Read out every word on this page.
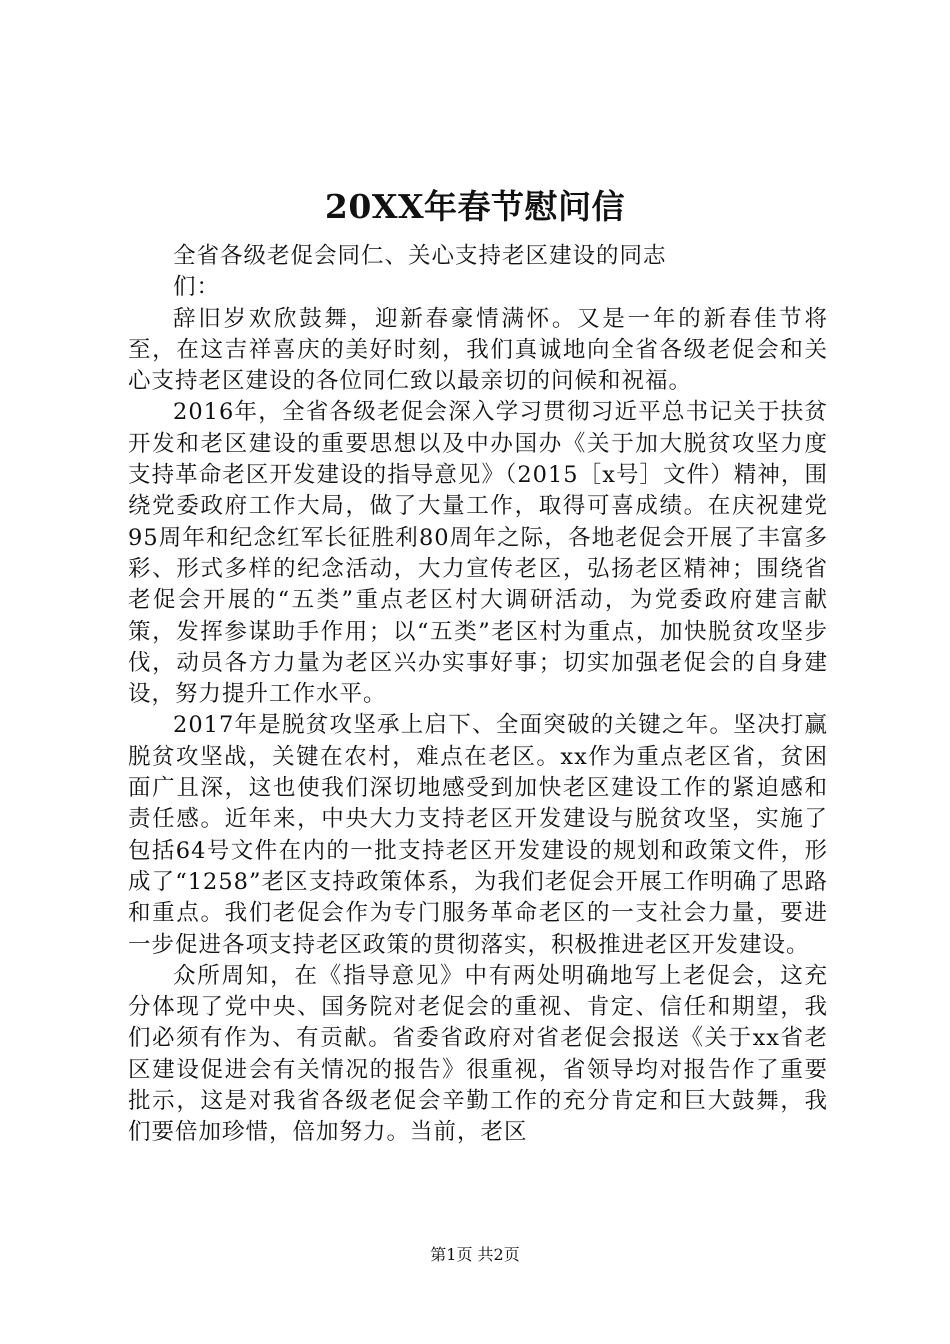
20XX年春节慰问信

全省各级老促会同仁、关心支持老区建设的同志们：

辞旧岁欢欣鼓舞，迎新春豪情满怀。又是一年的新春佳节将至，在这吉祥喜庆的美好时刻，我们真诚地向全省各级老促会和关心支持老区建设的各位同仁致以最亲切的问候和祝福。

2016年，全省各级老促会深入学习贯彻习近平总书记关于扶贫开发和老区建设的重要思想以及中办国办《关于加大脱贫攻坚力度支持革命老区开发建设的指导意见》（2015［x号］文件）精神，围绕党委政府工作大局，做了大量工作，取得可喜成绩。在庆祝建党95周年和纪念红军长征胜利80周年之际，各地老促会开展了丰富多彩、形式多样的纪念活动，大力宣传老区，弘扬老区精神；围绕省老促会开展的“五类”重点老区村大调研活动，为党委政府建言献策，发挥参谋助手作用；以“五类”老区村为重点，加快脱贫攻坚步伐，动员各方力量为老区兴办实事好事；切实加强老促会的自身建设，努力提升工作水平。

2017年是脱贫攻坚承上启下、全面突破的关键之年。坚决打赢脱贫攻坚战，关键在农村，难点在老区。xx作为重点老区省，贫困面广且深，这也使我们深切地感受到加快老区建设工作的紧迫感和责任感。近年来，中央大力支持老区开发建设与脱贫攻坚，实施了包括64号文件在内的一批支持老区开发建设的规划和政策文件，形成了“1258”老区支持政策体系，为我们老促会开展工作明确了思路和重点。我们老促会作为专门服务革命老区的一支社会力量，要进一步促进各项支持老区政策的贯彻落实，积极推进老区开发建设。

众所周知，在《指导意见》中有两处明确地写上老促会，这充分体现了党中央、国务院对老促会的重视、肯定、信任和期望，我们必须有作为、有贡献。省委省政府对省老促会报送《关于xx省老区建设促进会有关情况的报告》很重视，省领导均对报告作了重要批示，这是对我省各级老促会辛勤工作的充分肯定和巨大鼓舞，我们要倍加珍惜，倍加努力。当前，老区

第1页 共2页
